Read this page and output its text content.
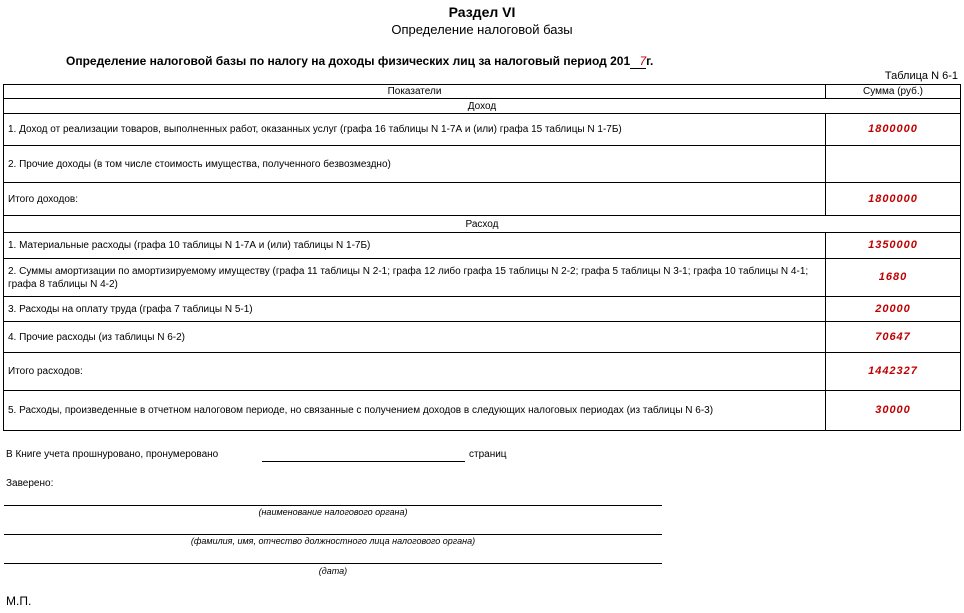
Раздел VI
Определение налоговой базы
Определение налоговой базы по налогу на доходы физических лиц за налоговый период 201 7г.
Таблица N 6-1
Показатели	Сумма (руб.)
Доход	
1. Доход от реализации товаров, выполненных работ, оказанных услуг (графа 16 таблицы N 1-7А и (или) графа 15 таблицы N 1-7Б)	1800000
2. Прочие доходы (в том числе стоимость имущества, полученного безвозмездно)	
Итого доходов:	1800000
Расход	
1. Материальные расходы (графа 10 таблицы N 1-7А и (или) таблицы N 1-7Б)	1350000
2. Суммы амортизации по амортизируемому имуществу (графа 11 таблицы N 2-1; графа 12 либо графа 15 таблицы N 2-2; графа 5 таблицы N 3-1; графа 10 таблицы N 4-1; графа 8 таблицы N 4-2)	1680
3. Расходы на оплату труда (графа 7 таблицы N 5-1)	20000
4. Прочие расходы (из таблицы N 6-2)	70647
Итого расходов:	1442327
5. Расходы, произведенные в отчетном налоговом периоде, но связанные с получением доходов в следующих налоговых периодах (из таблицы N 6-3)	30000
В Книге учета прошнуровано, пронумеровано	страниц
Заверено:
(наименование налогового органа)
(фамилия, имя, отчество должностного лица налогового органа)
(дата)
М.П.
